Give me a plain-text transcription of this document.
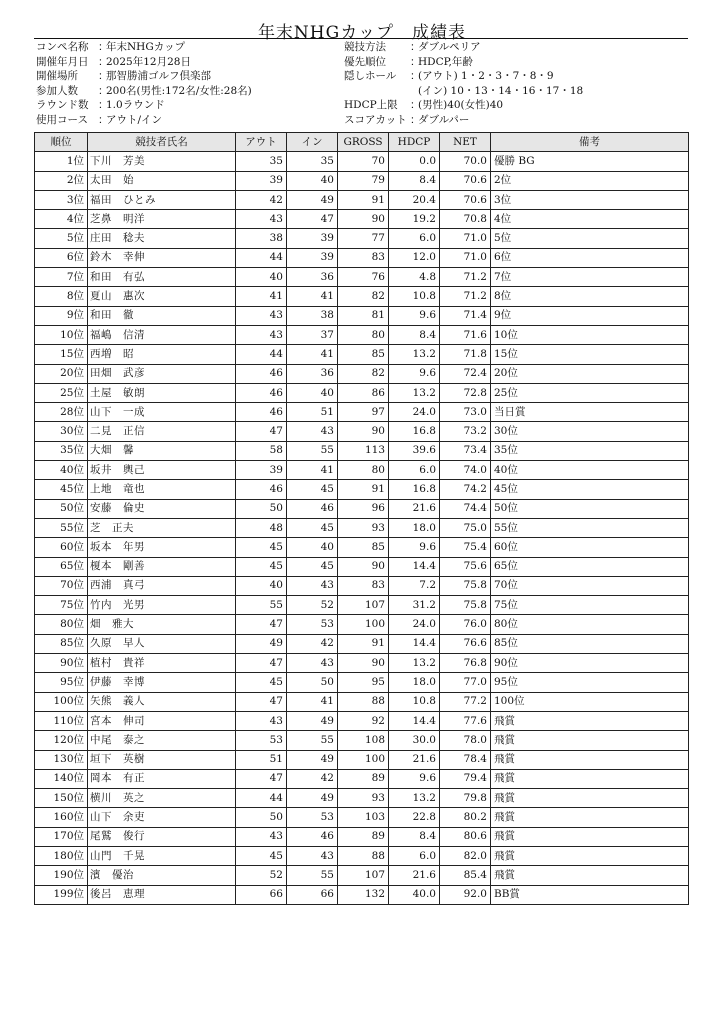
年末NHGカップ　成績表
コンペ名称 ：
年末NHGカップ
開催年月日 ：
2025年12月28日
開催場所	：
那智勝浦ゴルフ倶楽部
参加人数	：
200名(男性:172名/女性:28名)
ラウンド数 ：
1.0ラウンド
使用コース ：
アウト/イン
競技方法	：
ダブルペリア
優先順位	：
HDCP,年齢
隠しホール	：
(アウト) 1・2・3・7・8・9
(イン) 10・13・14・16・17・18
HDCP上限	：
(男性)40(女性)40
スコアカット ：
ダブルパー
順位	競技者氏名	アウト	イン	GROSS	HDCP	NET	備考
1位	下川　芳美	35	35	70	0.0	70.0	優勝 BG
2位	太田　始	39	40	79	8.4	70.6	2位
3位	福田　ひとみ	42	49	91	20.4	70.6	3位
4位	芝鼻　明洋	43	47	90	19.2	70.8	4位
5位	庄田　稔夫	38	39	77	6.0	71.0	5位
6位	鈴木　幸伸	44	39	83	12.0	71.0	6位
7位	和田　有弘	40	36	76	4.8	71.2	7位
8位	夏山　惠次	41	41	82	10.8	71.2	8位
9位	和田　徹	43	38	81	9.6	71.4	9位
10位	福嶋　信清	43	37	80	8.4	71.6	10位
15位	西増　昭	44	41	85	13.2	71.8	15位
20位	田畑　武彦	46	36	82	9.6	72.4	20位
25位	土屋　敏朗	46	40	86	13.2	72.8	25位
28位	山下　一成	46	51	97	24.0	73.0	当日賞
30位	二見　正信	47	43	90	16.8	73.2	30位
35位	大畑　馨	58	55	113	39.6	73.4	35位
40位	坂井　輿己	39	41	80	6.0	74.0	40位
45位	上地　竜也	46	45	91	16.8	74.2	45位
50位	安藤　倫史	50	46	96	21.6	74.4	50位
55位	芝　正夫	48	45	93	18.0	75.0	55位
60位	坂本　年男	45	40	85	9.6	75.4	60位
65位	榎本　剛善	45	45	90	14.4	75.6	65位
70位	西浦　真弓	40	43	83	7.2	75.8	70位
75位	竹内　光男	55	52	107	31.2	75.8	75位
80位	畑　雅大	47	53	100	24.0	76.0	80位
85位	久原　早人	49	42	91	14.4	76.6	85位
90位	植村　貴祥	47	43	90	13.2	76.8	90位
95位	伊藤　幸博	45	50	95	18.0	77.0	95位
100位	矢熊　義人	47	41	88	10.8	77.2	100位
110位	宮本　伸司	43	49	92	14.4	77.6	飛賞
120位	中尾　泰之	53	55	108	30.0	78.0	飛賞
130位	垣下　英樹	51	49	100	21.6	78.4	飛賞
140位	岡本　有正	47	42	89	9.6	79.4	飛賞
150位	横川　英之	44	49	93	13.2	79.8	飛賞
160位	山下　余吏	50	53	103	22.8	80.2	飛賞
170位	尾鷲　俊行	43	46	89	8.4	80.6	飛賞
180位	山門　千晃	45	43	88	6.0	82.0	飛賞
190位	濱　優治	52	55	107	21.6	85.4	飛賞
199位	後呂　恵理	66	66	132	40.0	92.0	BB賞
